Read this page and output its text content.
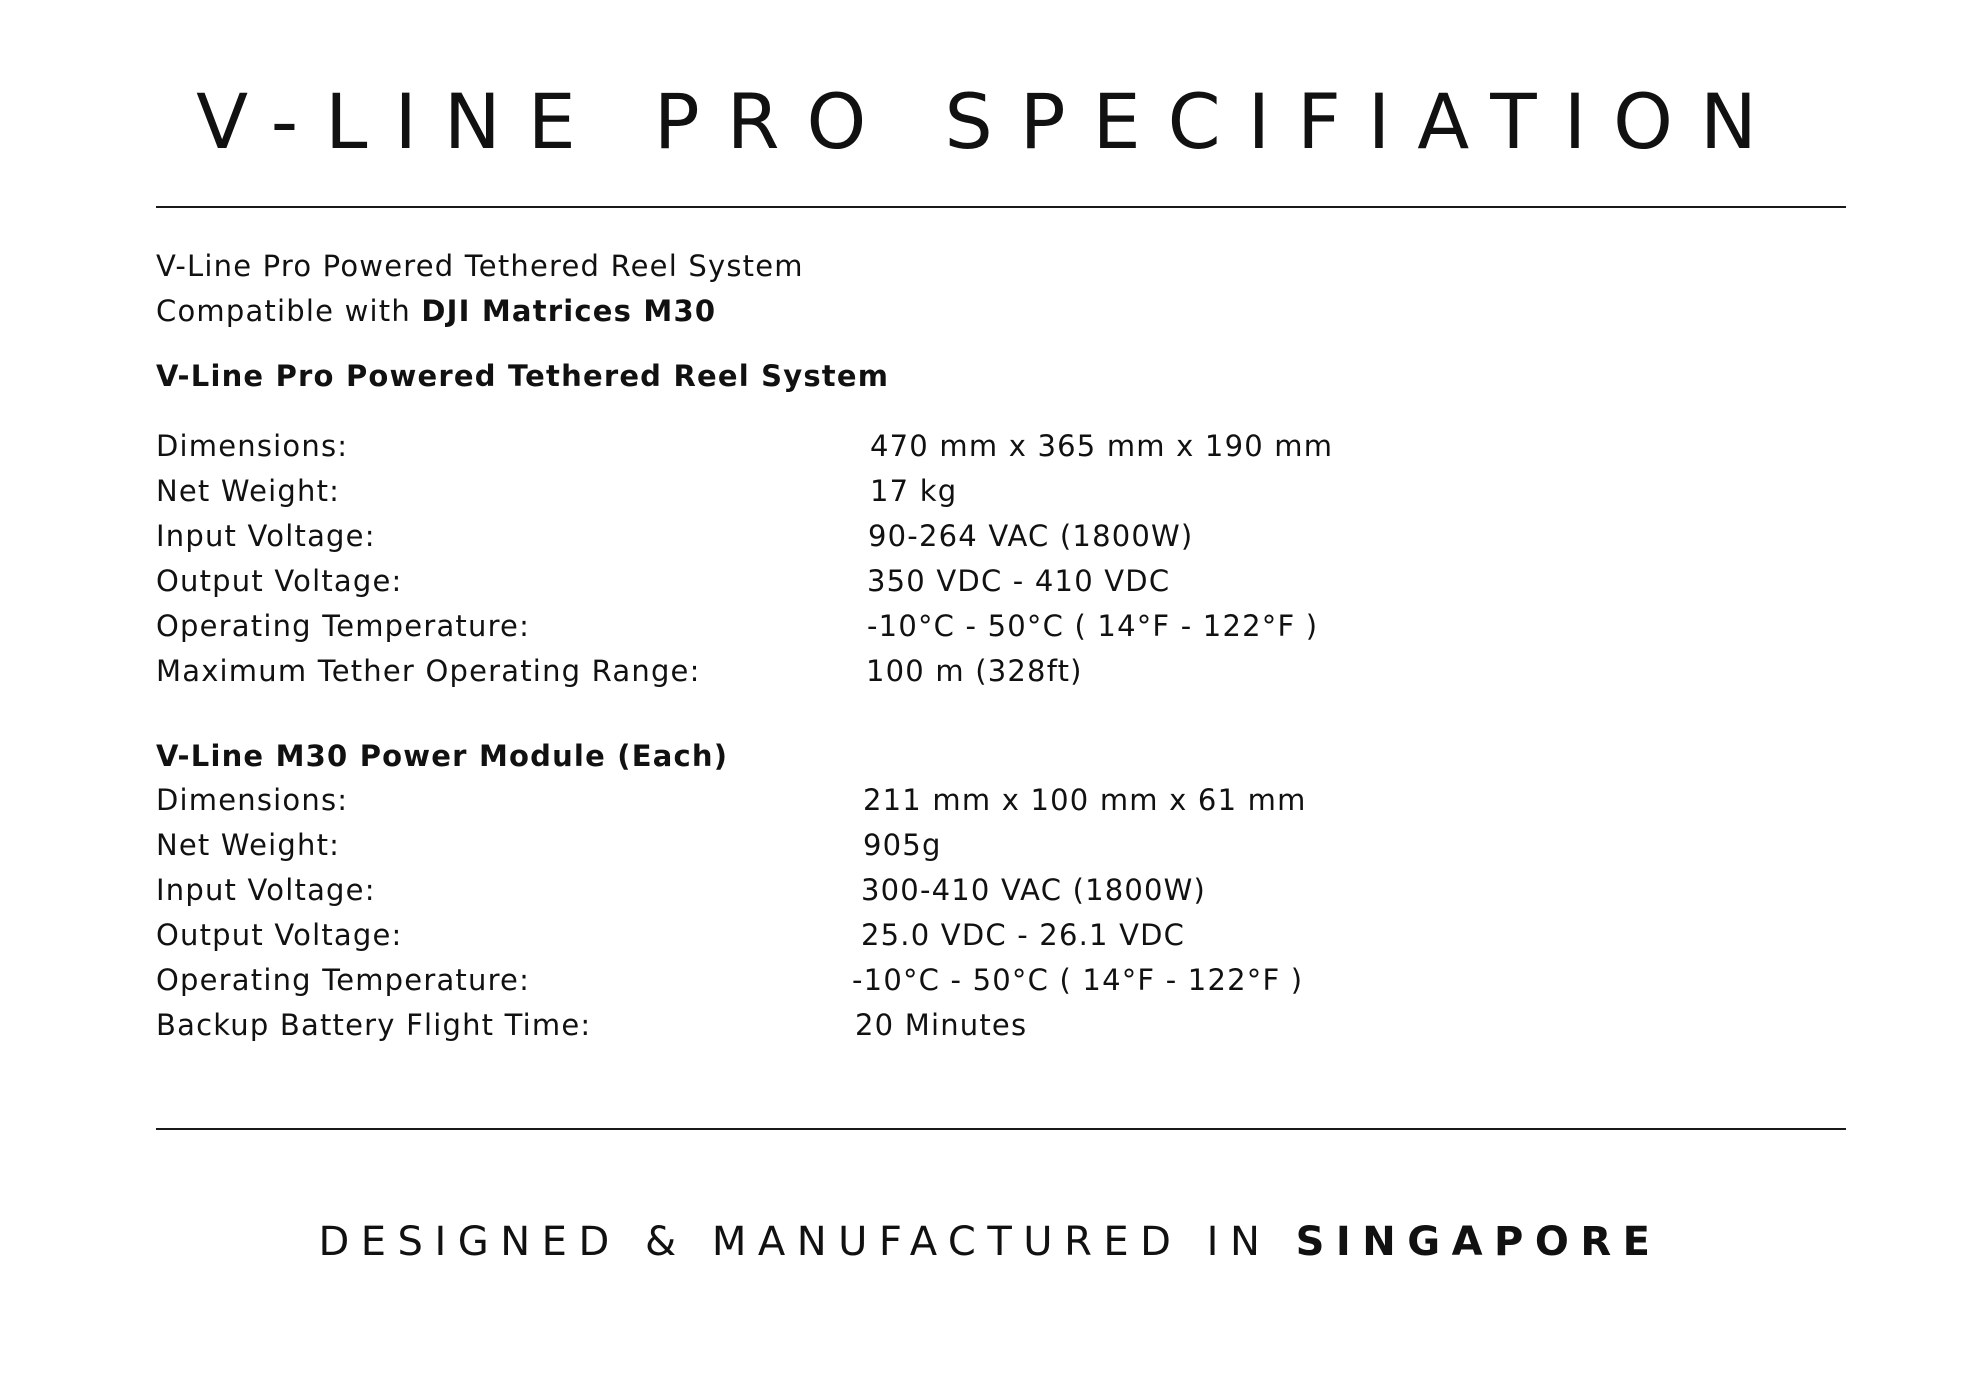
V-LINE PRO SPECIFIATION
V-Line Pro Powered Tethered Reel System
Compatible with DJI Matrices M30
V-Line Pro Powered Tethered Reel System
Dimensions:	470 mm x 365 mm x 190 mm
Net Weight:	17 kg
Input Voltage:	90-264 VAC (1800W)
Output Voltage:	350 VDC - 410 VDC
Operating Temperature:	-10°C - 50°C ( 14°F - 122°F )
Maximum Tether Operating Range:	100 m (328ft)
V-Line M30 Power Module (Each)
Dimensions:	211 mm x 100 mm x 61 mm
Net Weight:	905g
Input Voltage:	300-410 VAC (1800W)
Output Voltage:	25.0 VDC - 26.1 VDC
Operating Temperature:	-10°C - 50°C ( 14°F - 122°F )
Backup Battery Flight Time:	20 Minutes
DESIGNED & MANUFACTURED IN SINGAPORE
